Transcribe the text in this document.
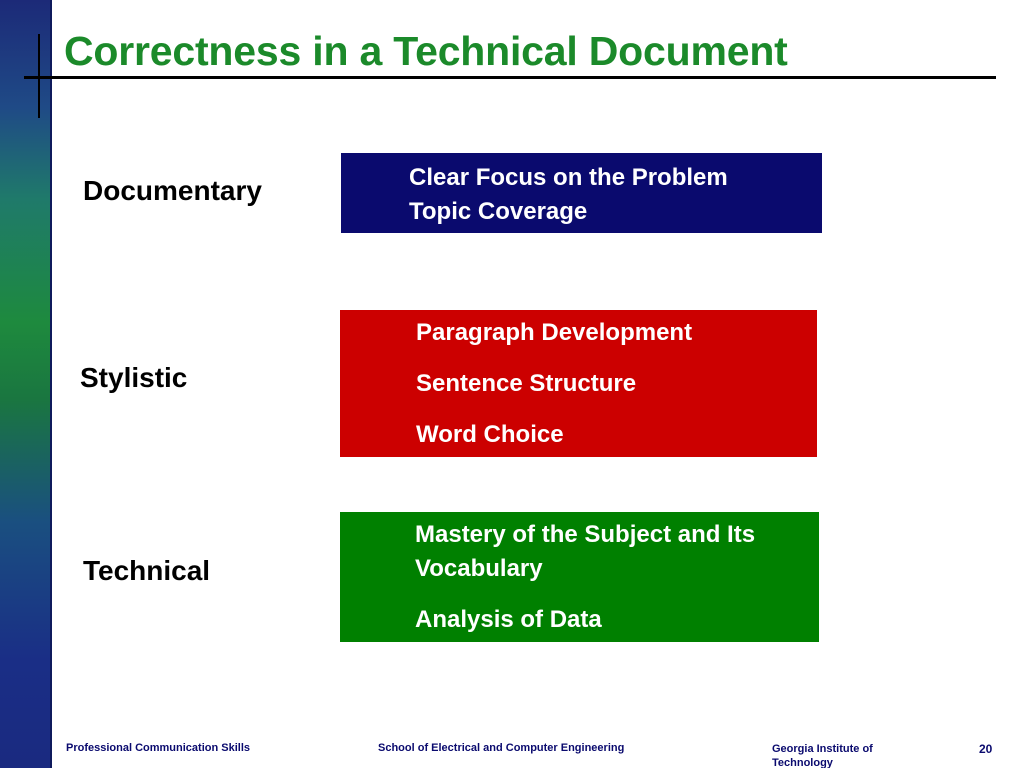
Correctness in a Technical Document

Documentary	Clear Focus on the Problem
Topic Coverage

Stylistic

Paragraph Development
Sentence Structure
Word Choice

Technical

Mastery of the Subject and Its Vocabulary
Analysis of Data

Professional Communication Skills	School of Electrical and Computer Engineering	Georgia Institute of Technology

20
